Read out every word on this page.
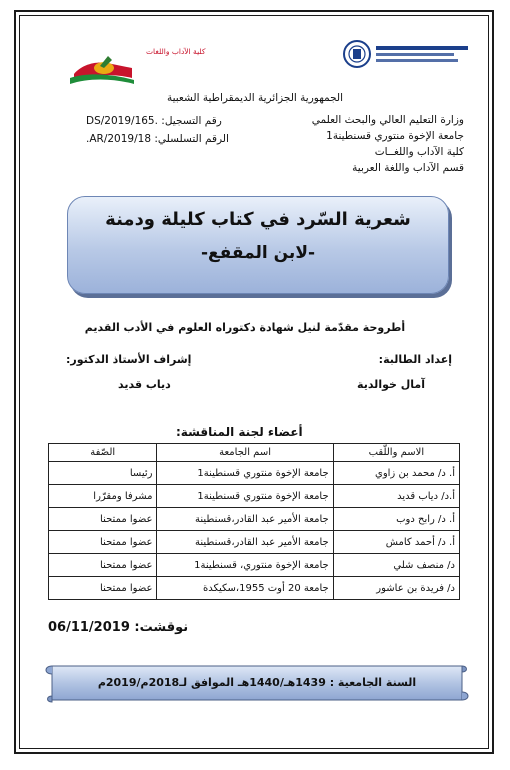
كلية الآداب واللغات
الجمهورية الجزائرية الديمقراطية الشعبية
وزارة التعليم العالي والبحث العلمي
جامعة الإخوة منتوري قسنطينة1
كلية الآداب واللغــات
قسم الآداب واللغة العربية
رقم التسجيل: .165/DS/2019
الرقم التسلسلي: 18/AR/2019.
شعرية السّرد في كتاب كليلة ودمنة
-لابن المقفع-
أطروحة مقدّمة لنيل شهادة دكتوراه العلوم في الأدب القديم
إعداد الطالبة:
إشراف الأستاذ الدكتور:
آمال خوالدية
دياب قديد
أعضاء لجنة المناقشة:
الاسم واللّقب	اسم الجامعة	الصّفة
أ. د/ محمد بن زاوي	جامعة الإخوة منتوري قسنطينة1	رئيسا
أ.د/ دياب قديد	جامعة الإخوة منتوري قسنطينة1	مشرفا ومقرّرا
أ. د/ رابح دوب	جامعة الأمير عبد القادر،قسنطينة	عضوا ممتحنا
أ. د/ أحمد كامش	جامعة الأمير عبد القادر،قسنطينة	عضوا ممتحنا
د/ منصف شلي	جامعة الإخوة منتوري، قسنطينة1	عضوا ممتحنا
د/ فريدة بن عاشور	جامعة 20 أوت 1955،سكيكدة	عضوا ممتحنا
نوقشت: 06/11/2019
السنة الجامعية : 1439هـ/1440هـ الموافق لـ2018م/2019م
